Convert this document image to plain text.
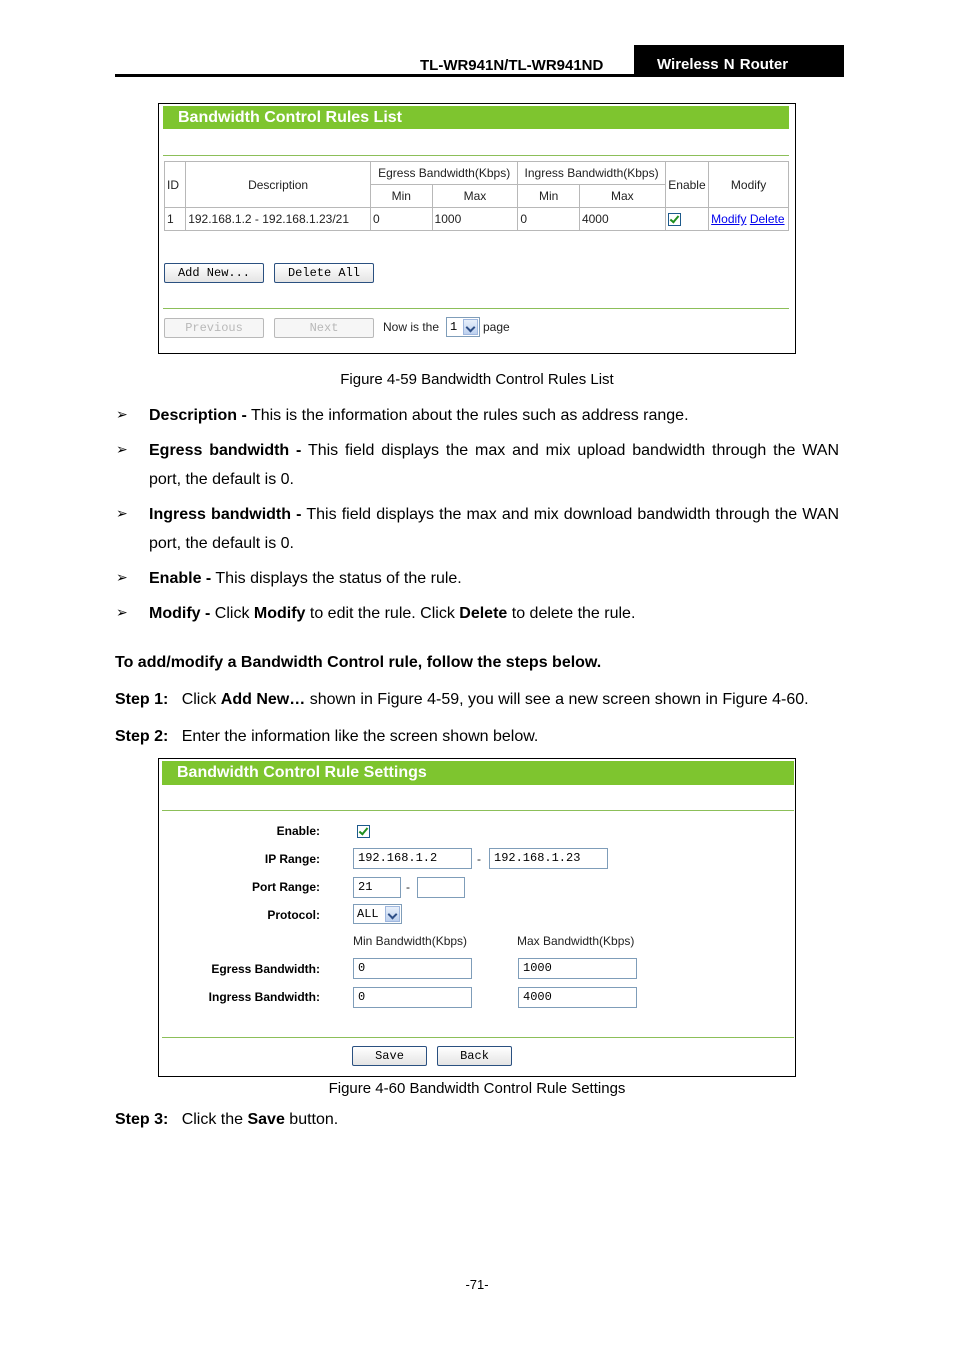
TL-WR941N/TL-WR941ND	Wireless N Router
Bandwidth Control Rules List
ID	Description	Egress Bandwidth(Kbps)		Ingress Bandwidth(Kbps)		Enable	Modify
		Min	Max	Min	Max		
1	192.168.1.2 - 192.168.1.23/21	0	1000	0	4000		Modify Delete
Add New...	Delete All
Previous	Next	Now is the 1	page
Figure 4-59 Bandwidth Control Rules List
➢ Description - This is the information about the rules such as address range.
➢ Egress bandwidth - This field displays the max and mix upload bandwidth through the WAN port, the default is 0.
➢ Ingress bandwidth - This field displays the max and mix download bandwidth through the WAN port, the default is 0.
➢ Enable - This displays the status of the rule.
➢ Modify - Click Modify to edit the rule. Click Delete to delete the rule.
To add/modify a Bandwidth Control rule, follow the steps below.
Step 1: Click Add New… shown in Figure 4-59, you will see a new screen shown in Figure 4-60.
Step 2: Enter the information like the screen shown below.
Bandwidth Control Rule Settings
Enable:
IP Range:	192.168.1.2	-	192.168.1.23
Port Range:	21	-
Protocol:	ALL
Min Bandwidth(Kbps)	Max Bandwidth(Kbps)
Egress Bandwidth:	0	1000
Ingress Bandwidth:	0	4000
Save	Back
Figure 4-60 Bandwidth Control Rule Settings
Step 3: Click the Save button.
-71-
